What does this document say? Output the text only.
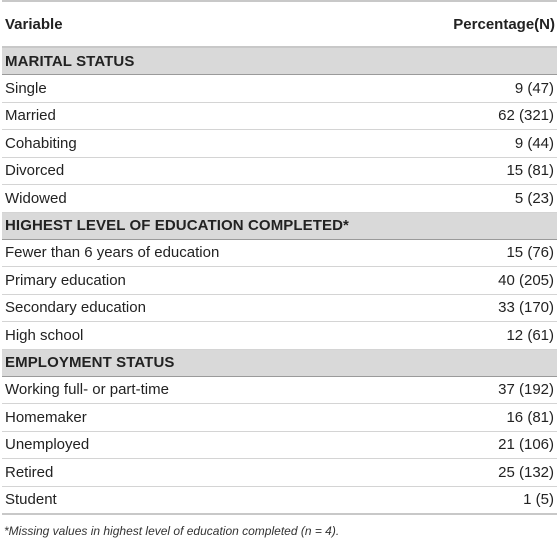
Variable	Percentage(N)
MARITAL STATUS	
Single	9 (47)
Married	62 (321)
Cohabiting	9 (44)
Divorced	15 (81)
Widowed	5 (23)
HIGHEST LEVEL OF EDUCATION COMPLETED*	
Fewer than 6 years of education	15 (76)
Primary education	40 (205)
Secondary education	33 (170)
High school	12 (61)
EMPLOYMENT STATUS	
Working full- or part-time	37 (192)
Homemaker	16 (81)
Unemployed	21 (106)
Retired	25 (132)
Student	1 (5)
*Missing values in highest level of education completed (n = 4).
